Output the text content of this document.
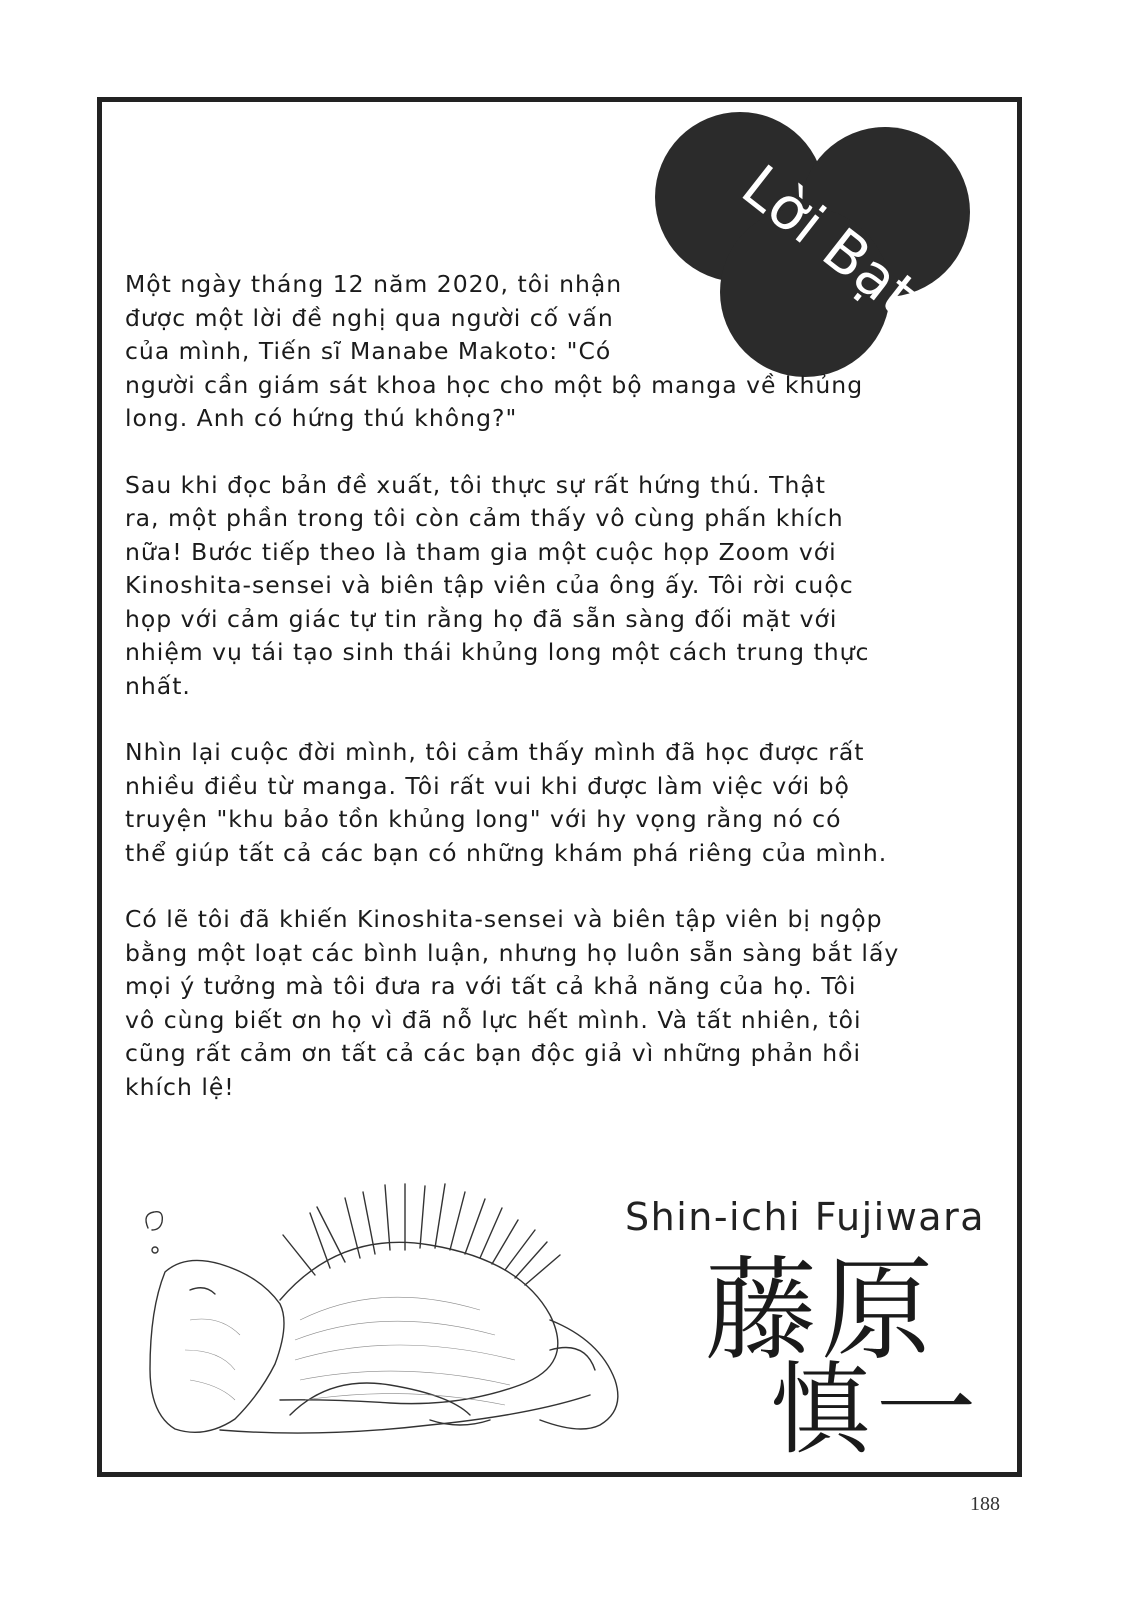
Lời Bạt

Một ngày tháng 12 năm 2020, tôi nhận
được một lời đề nghị qua người cố vấn
của mình, Tiến sĩ Manabe Makoto: "Có
người cần giám sát khoa học cho một bộ manga về khủng
long. Anh có hứng thú không?"

Sau khi đọc bản đề xuất, tôi thực sự rất hứng thú. Thật
ra, một phần trong tôi còn cảm thấy vô cùng phấn khích
nữa! Bước tiếp theo là tham gia một cuộc họp Zoom với
Kinoshita-sensei và biên tập viên của ông ấy. Tôi rời cuộc
họp với cảm giác tự tin rằng họ đã sẵn sàng đối mặt với
nhiệm vụ tái tạo sinh thái khủng long một cách trung thực
nhất.

Nhìn lại cuộc đời mình, tôi cảm thấy mình đã học được rất
nhiều điều từ manga. Tôi rất vui khi được làm việc với bộ
truyện "khu bảo tồn khủng long" với hy vọng rằng nó có
thể giúp tất cả các bạn có những khám phá riêng của mình.

Có lẽ tôi đã khiến Kinoshita-sensei và biên tập viên bị ngộp
bằng một loạt các bình luận, nhưng họ luôn sẵn sàng bắt lấy
mọi ý tưởng mà tôi đưa ra với tất cả khả năng của họ. Tôi
vô cùng biết ơn họ vì đã nỗ lực hết mình. Và tất nhiên, tôi
cũng rất cảm ơn tất cả các bạn độc giả vì những phản hồi
khích lệ!

Shin-ichi Fujiwara
藤原
慎一
188
